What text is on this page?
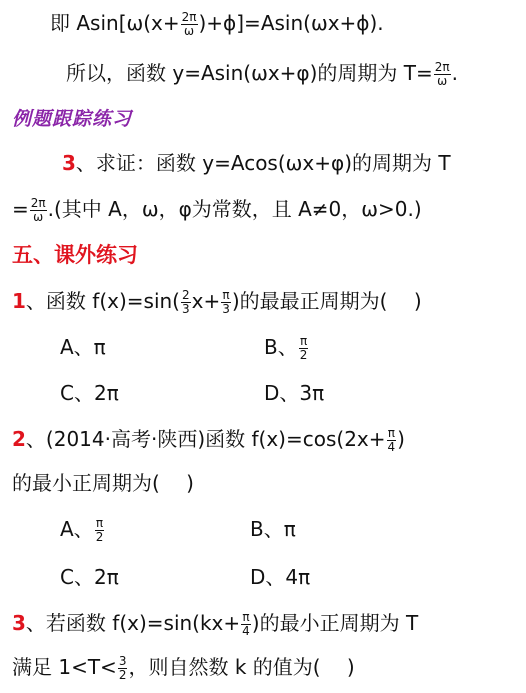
即 $Asin[\omega(x+ \frac{2\pi}{\omega} )+\phi]=Asin(\omega x+\phi)$.
所以，函数 y=Asin(ωx+φ)的周期为 $T= \frac{2\pi}{\omega}$ .
例题跟踪练习
3、求证：函数 y=Acos(ωx+φ)的周期为 T
= $\frac{2\pi}{\omega}$ .(其中 A，ω，φ为常数，且 A≠0，ω>0.)
五、课外练习
1、函数 $f(x)=\sin( \frac{2}{3} x+ \frac{\pi}{3}$ )的最最正周期为(　 )
A、π	B、 $\frac{\pi}{2}$
C、2π	D、3π
2、(2014·高考·陕西)函数 $f(x)=\cos(2x+ \frac{\pi}{4}$ )
的最小正周期为(　 )
A、 $\frac{\pi}{2}$	B、π
C、2π	D、4π
3、若函数 $f(x)=\sin(kx+ \frac{\pi}{4}$ )的最小正周期为 T
满足 $1<T< \frac{3}{2}$ ，则自然数 k 的值为(　 )
